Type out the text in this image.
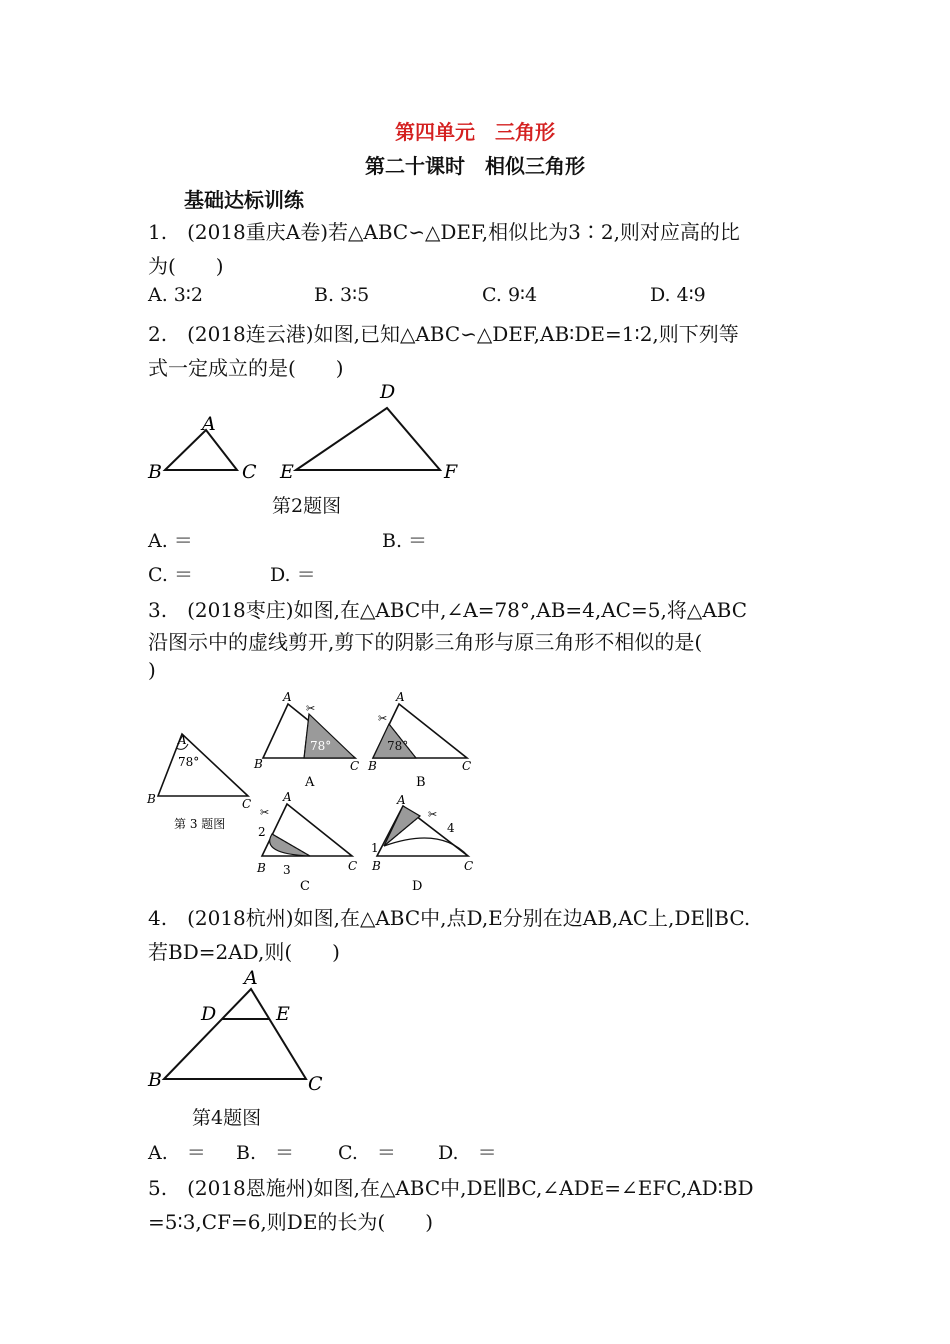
第四单元　三角形
第二十课时　相似三角形
基础达标训练
1.　(2018重庆A卷)若△ABC∽△DEF,相似比为3∶2,则对应高的比
为(　　)
A. 3∶2	B. 3∶5	C. 9∶4	D. 4∶9
2.　(2018连云港)如图,已知△ABC∽△DEF,AB∶DE=1∶2,则下列等
式一定成立的是(　　)
A
B	C
D
E	F
第2题图
A. ＝	B. ＝
C. ＝	D. ＝
3.　(2018枣庄)如图,在△ABC中,∠A=78°,AB=4,AC=5,将△ABC
沿图示中的虚线剪开,剪下的阴影三角形与原三角形不相似的是(
)
A
78°
B	C
第 3 题图
✂
78°
A
B	C
A
✂
78°
A
B	C
B
✂
A
2
3
B	C
C
✂
A
1
4
B	C
D
4.　(2018杭州)如图,在△ABC中,点D,E分别在边AB,AC上,DE∥BC.
若BD=2AD,则(　　)
A
B	C
D	E
第4题图
A.　＝ B.　＝ C.　＝ D.　＝
5.　(2018恩施州)如图,在△ABC中,DE∥BC,∠ADE=∠EFC,AD∶BD
=5∶3,CF=6,则DE的长为(　　)
